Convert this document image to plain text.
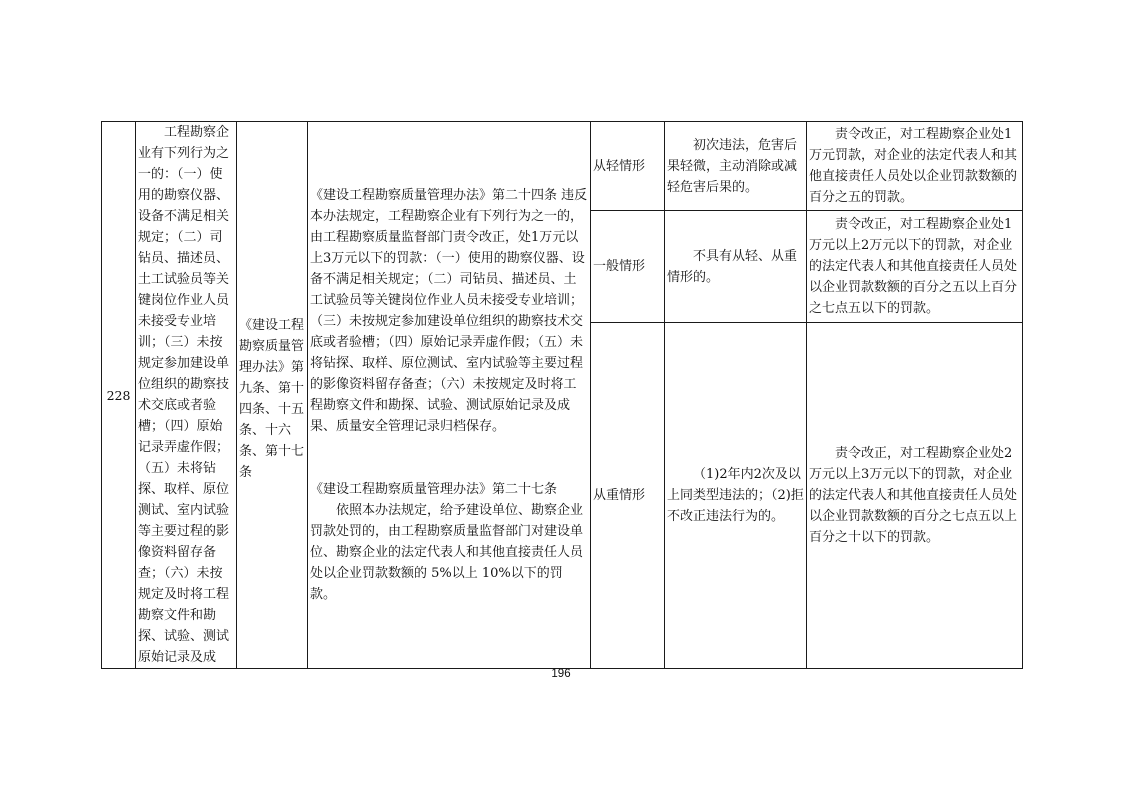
228	工程勘察企业有下列行为之一的：（一）使用的勘察仪器、设备不满足相关规定；（二）司钻员、描述员、土工试验员等关键岗位作业人员未接受专业培训；（三）未按规定参加建设单位组织的勘察技术交底或者验槽；（四）原始记录弄虚作假；（五）未将钻探、取样、原位测试、室内试验等主要过程的影像资料留存备查；（六）未按规定及时将工程勘察文件和勘探、试验、测试原始记录及成	《建设工程勘察质量管理办法》第九条、第十四条、十五条、十六条、第十七条	《建设工程勘察质量管理办法》第二十四条 违反本办法规定，工程勘察企业有下列行为之一的，由工程勘察质量监督部门责令改正，处1万元以上3万元以下的罚款：（一）使用的勘察仪器、设备不满足相关规定；（二）司钻员、描述员、土工试验员等关键岗位作业人员未接受专业培训；（三）未按规定参加建设单位组织的勘察技术交底或者验槽；（四）原始记录弄虚作假；（五）未将钻探、取样、原位测试、室内试验等主要过程的影像资料留存备查；（六）未按规定及时将工程勘察文件和勘探、试验、测试原始记录及成果、质量安全管理记录归档保存。
《建设工程勘察质量管理办法》第二十七条
依照本办法规定，给予建设单位、勘察企业罚款处罚的，由工程勘察质量监督部门对建设单位、勘察企业的法定代表人和其他直接责任人员处以企业罚款数额的 5%以上 10%以下的罚款。	从轻情形	初次违法，危害后果轻微，主动消除或减轻危害后果的。	责令改正，对工程勘察企业处1万元罚款，对企业的法定代表人和其他直接责任人员处以企业罚款数额的百分之五的罚款。

				一般情形	不具有从轻、从重情形的。	责令改正，对工程勘察企业处1万元以上2万元以下的罚款，对企业的法定代表人和其他直接责任人员处以企业罚款数额的百分之五以上百分之七点五以下的罚款。

				从重情形	（1)2年内2次及以上同类型违法的；（2)拒不改正违法行为的。	责令改正，对工程勘察企业处2万元以上3万元以下的罚款，对企业的法定代表人和其他直接责任人员处以企业罚款数额的百分之七点五以上百分之十以下的罚款。
196
